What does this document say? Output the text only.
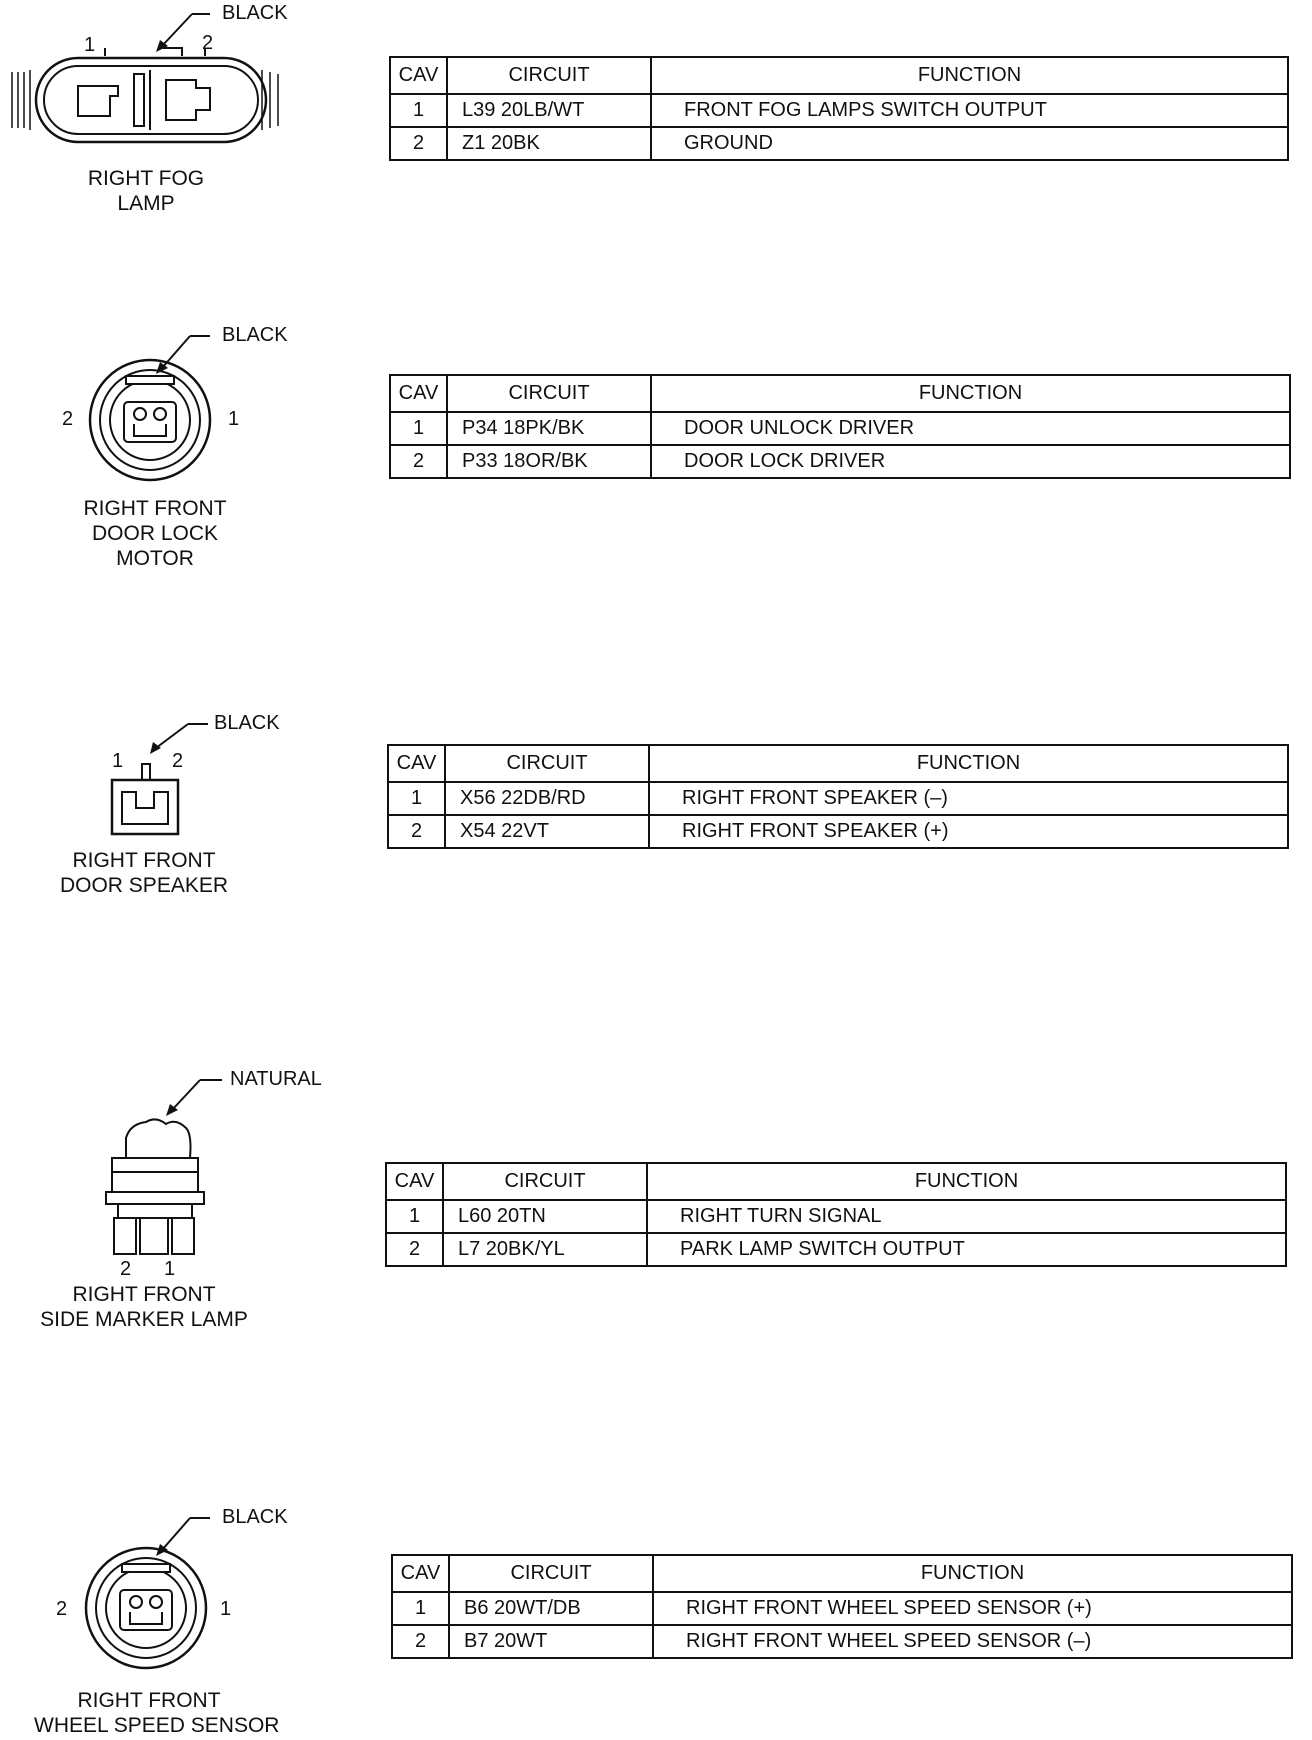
BLACK
1	2
RIGHT FOG
LAMP
CAV	CIRCUIT	FUNCTION
1	L39 20LB/WT	FRONT FOG LAMPS SWITCH OUTPUT
2	Z1 20BK	GROUND
BLACK
2	1
RIGHT FRONT
DOOR LOCK
MOTOR
CAV	CIRCUIT	FUNCTION
1	P34 18PK/BK	DOOR UNLOCK DRIVER
2	P33 18OR/BK	DOOR LOCK DRIVER
BLACK
1 2
RIGHT FRONT
DOOR SPEAKER
CAV	CIRCUIT	FUNCTION
1	X56 22DB/RD	RIGHT FRONT SPEAKER (–)
2	X54 22VT	RIGHT FRONT SPEAKER (+)
NATURAL
2 1
RIGHT FRONT
SIDE MARKER LAMP
CAV	CIRCUIT	FUNCTION
1	L60 20TN	RIGHT TURN SIGNAL
2	L7 20BK/YL	PARK LAMP SWITCH OUTPUT
BLACK
2	1
RIGHT FRONT
WHEEL SPEED SENSOR
CAV	CIRCUIT	FUNCTION
1	B6 20WT/DB	RIGHT FRONT WHEEL SPEED SENSOR (+)
2	B7 20WT	RIGHT FRONT WHEEL SPEED SENSOR (–)
